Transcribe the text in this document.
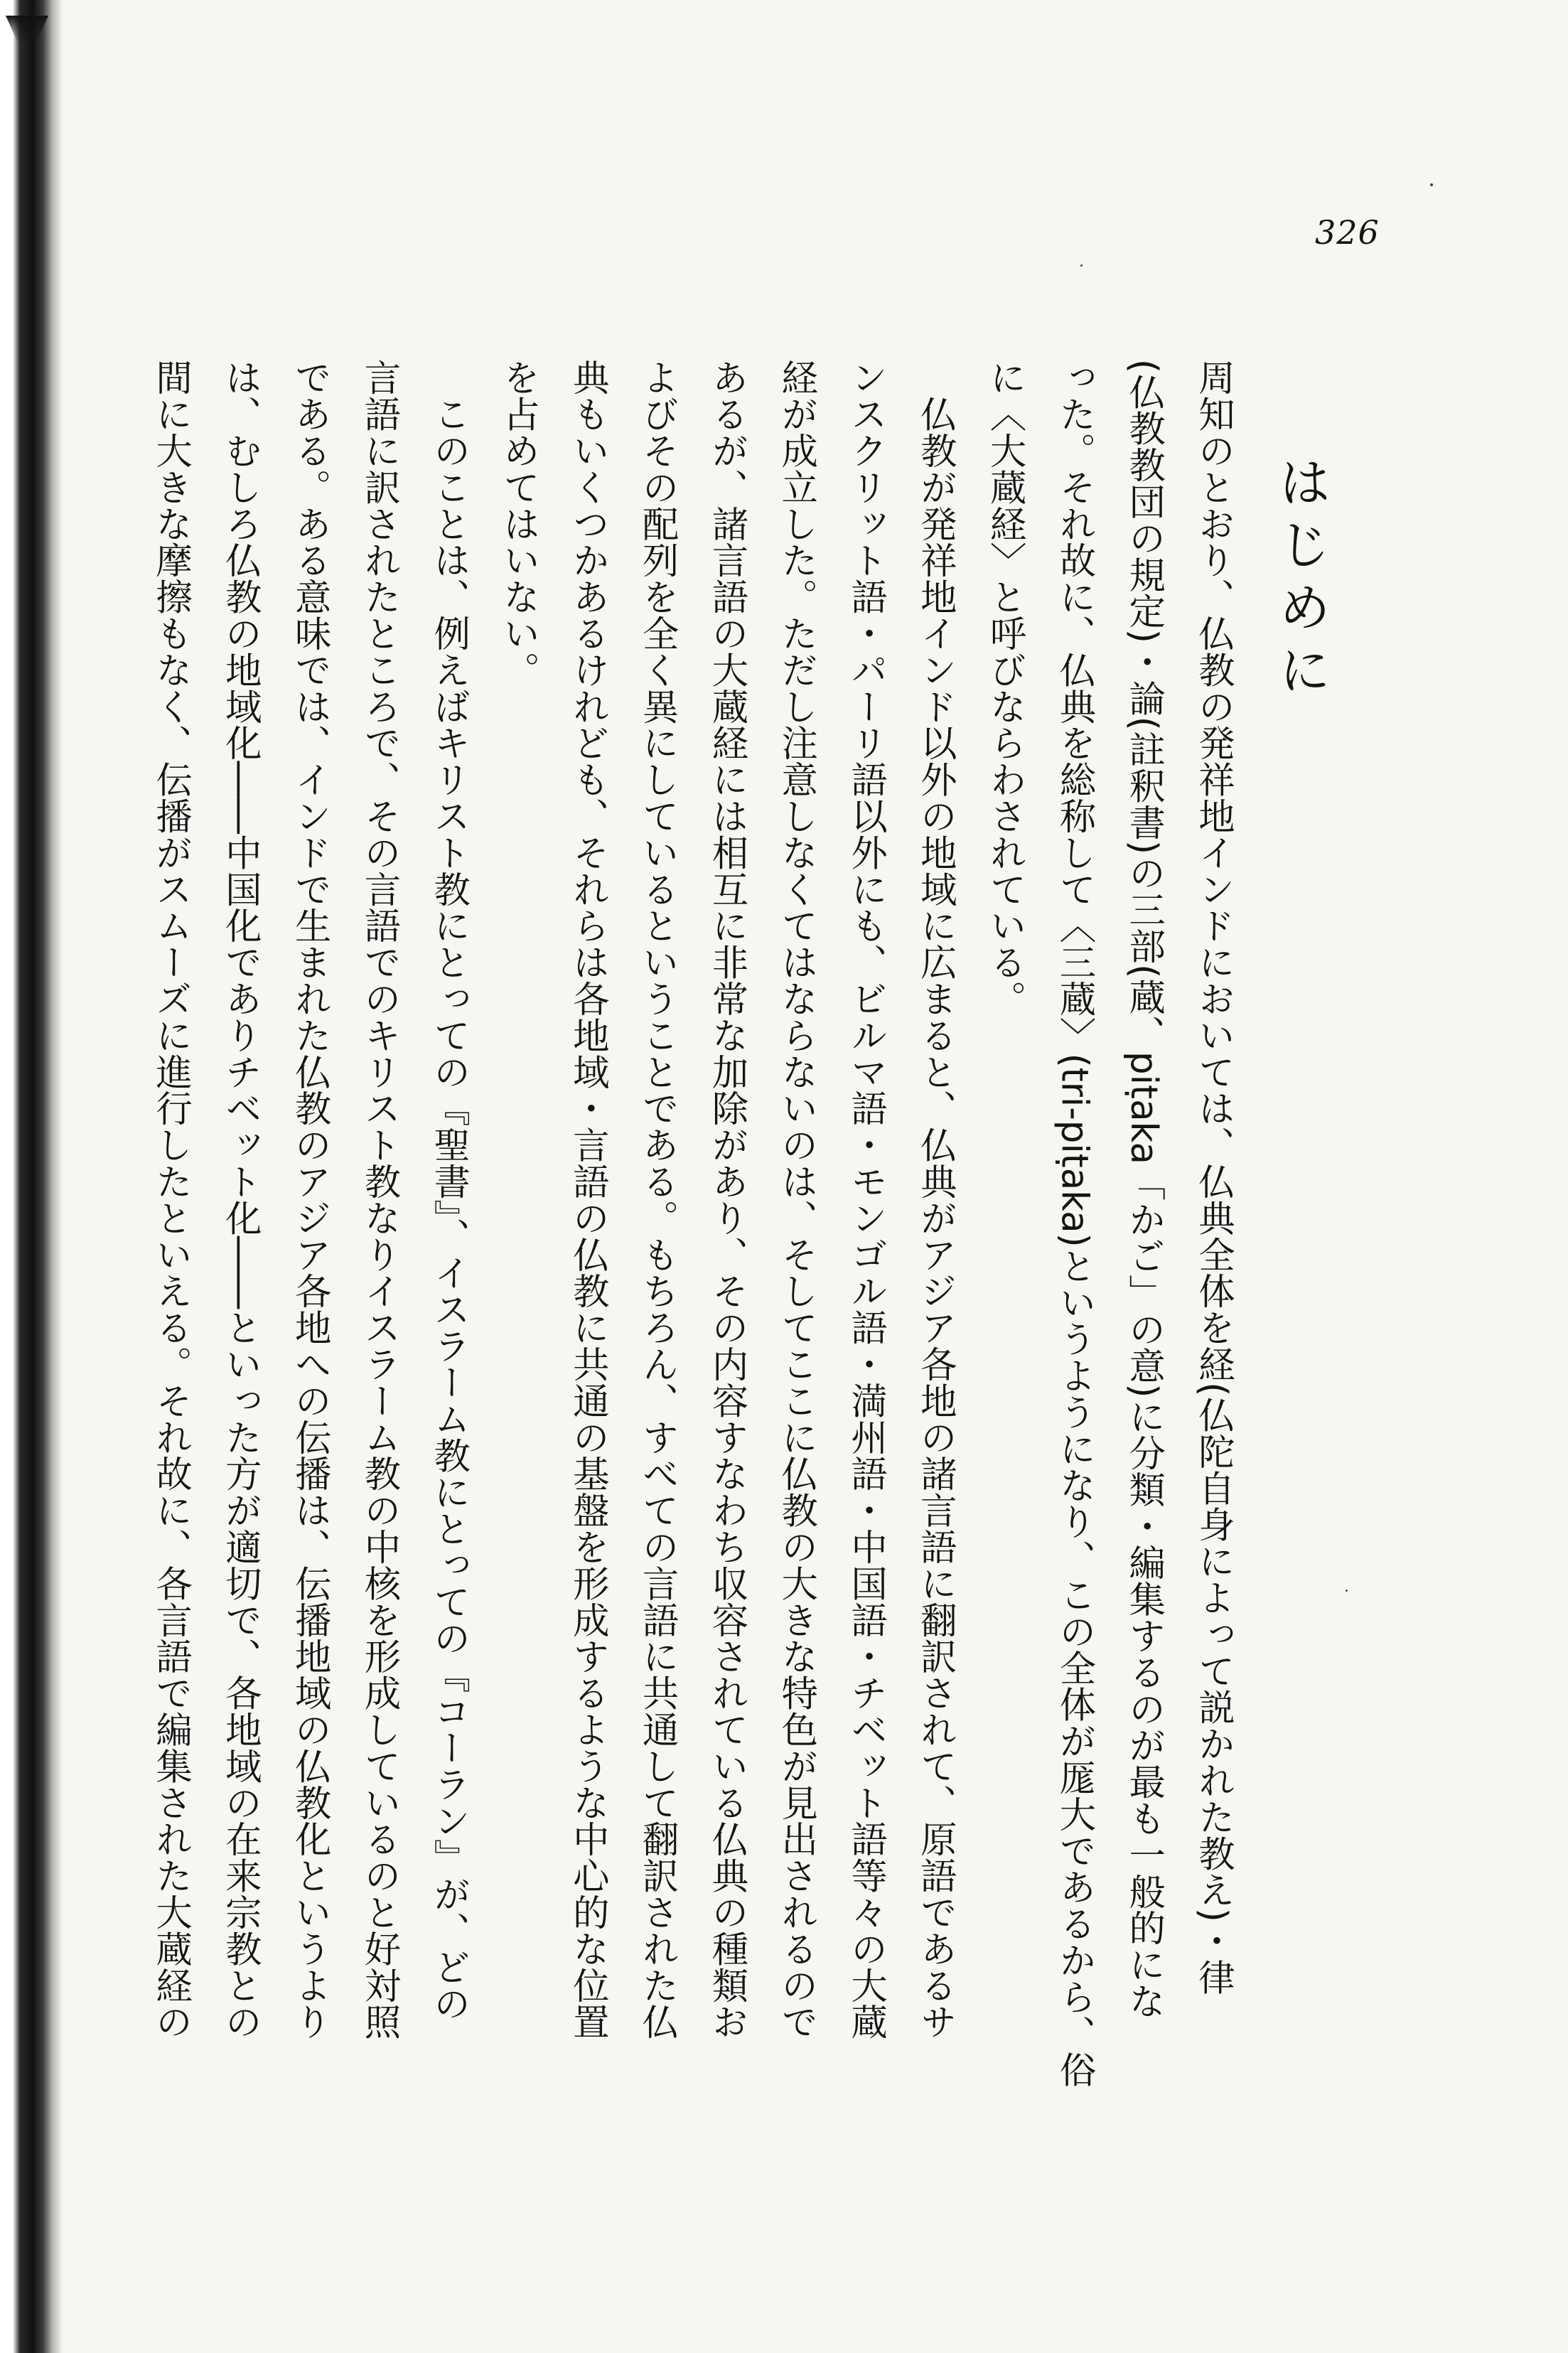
326
はじめに
周知のとおり、仏教の発祥地インドにおいては、仏典全体を経(仏陀自身によって説かれた教え)・律
(仏教教団の規定)・論(註釈書)の三部(蔵、piṭaka「かご」の意)に分類・編集するのが最も一般的にな
った。それ故に、仏典を総称して〈三蔵〉(tri-piṭaka)というようになり、この全体が厖大であるから、俗
に〈大蔵経〉と呼びならわされている。
　仏教が発祥地インド以外の地域に広まると、仏典がアジア各地の諸言語に翻訳されて、原語であるサ
ンスクリット語・パーリ語以外にも、ビルマ語・モンゴル語・満州語・中国語・チベット語等々の大蔵
経が成立した。ただし注意しなくてはならないのは、そしてここに仏教の大きな特色が見出されるので
あるが、諸言語の大蔵経には相互に非常な加除があり、その内容すなわち収容されている仏典の種類お
よびその配列を全く異にしているということである。もちろん、すべての言語に共通して翻訳された仏
典もいくつかあるけれども、それらは各地域・言語の仏教に共通の基盤を形成するような中心的な位置
を占めてはいない。
　このことは、例えばキリスト教にとっての『聖書』、イスラーム教にとっての『コーラン』が、どの
言語に訳されたところで、その言語でのキリスト教なりイスラーム教の中核を形成しているのと好対照
である。ある意味では、インドで生まれた仏教のアジア各地への伝播は、伝播地域の仏教化というより
は、むしろ仏教の地域化――中国化でありチベット化――といった方が適切で、各地域の在来宗教との
間に大きな摩擦もなく、伝播がスムーズに進行したといえる。それ故に、各言語で編集された大蔵経の
